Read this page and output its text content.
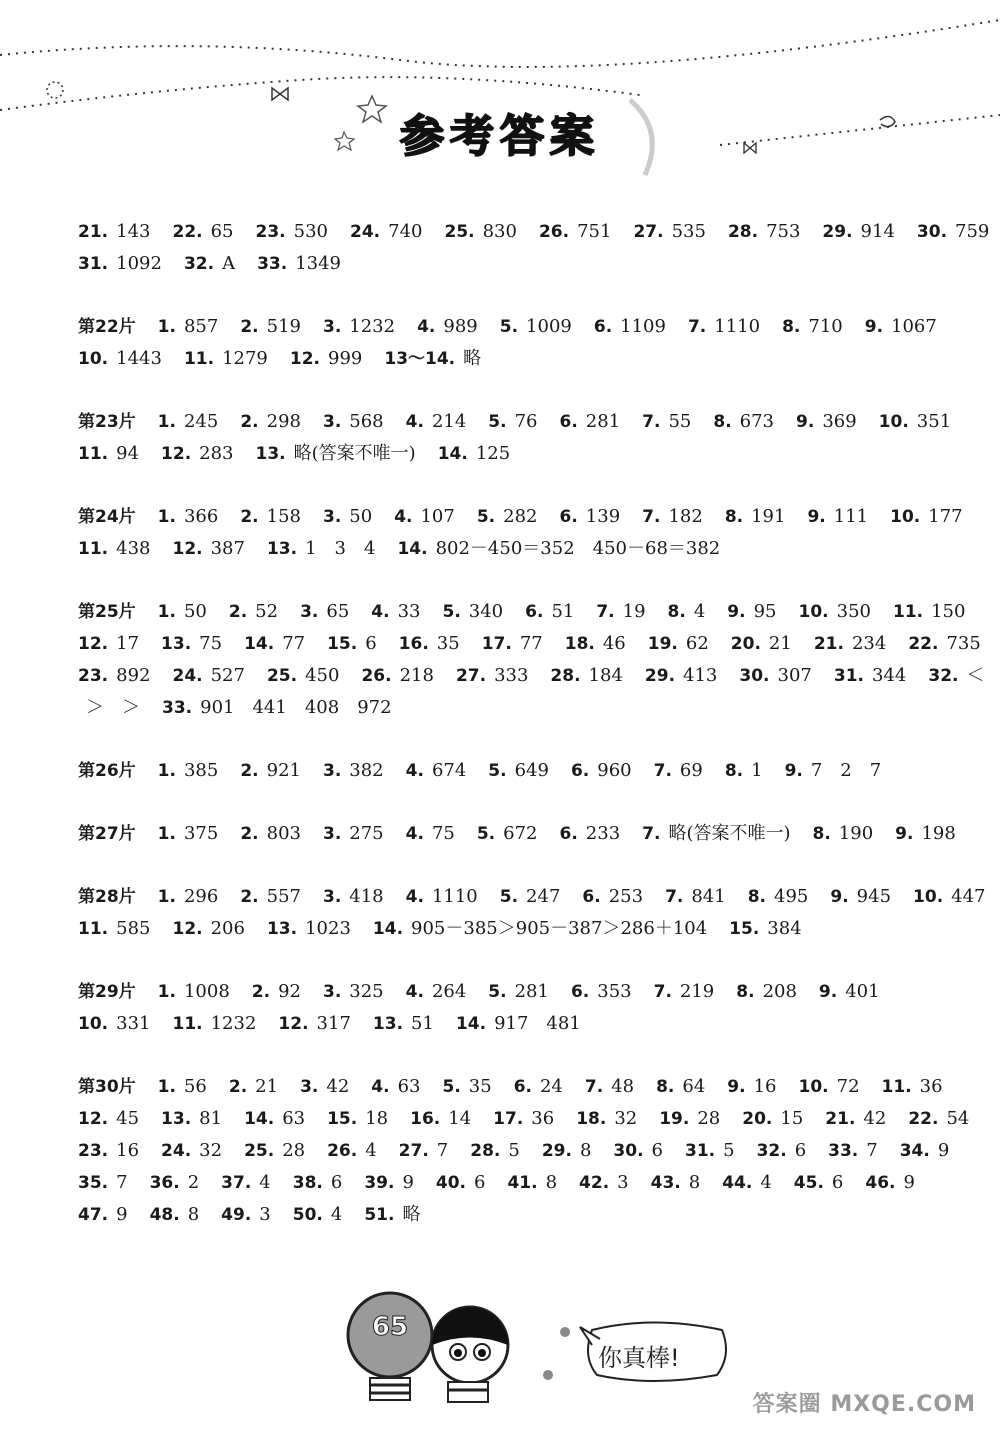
参考答案
21. 143 22. 65 23. 530 24. 740 25. 830 26. 751 27. 535 28. 753 29. 914 30. 759
31. 1092 32. A 33. 1349
第22片 1. 857 2. 519 3. 1232 4. 989 5. 1009 6. 1109 7. 1110 8. 710 9. 1067
10. 1443 11. 1279 12. 999 13～14. 略
第23片 1. 245 2. 298 3. 568 4. 214 5. 76 6. 281 7. 55 8. 673 9. 369 10. 351
11. 94 12. 283 13. 略(答案不唯一) 14. 125
第24片 1. 366 2. 158 3. 50 4. 107 5. 282 6. 139 7. 182 8. 191 9. 111 10. 177
11. 438 12. 387 13. 1　3　4 14. 802－450＝352　450－68＝382
第25片 1. 50 2. 52 3. 65 4. 33 5. 340 6. 51 7. 19 8. 4 9. 95 10. 350 11. 150
12. 17 13. 75 14. 77 15. 6 16. 35 17. 77 18. 46 19. 62 20. 21 21. 234 22. 735
23. 892 24. 527 25. 450 26. 218 27. 333 28. 184 29. 413 30. 307 31. 344 32. ＜
＞　＞ 33. 901　441　408　972
第26片 1. 385 2. 921 3. 382 4. 674 5. 649 6. 960 7. 69 8. 1 9. 7　2　7
第27片 1. 375 2. 803 3. 275 4. 75 5. 672 6. 233 7. 略(答案不唯一) 8. 190 9. 198
第28片 1. 296 2. 557 3. 418 4. 1110 5. 247 6. 253 7. 841 8. 495 9. 945 10. 447
11. 585 12. 206 13. 1023 14. 905－385＞905－387＞286＋104 15. 384
第29片 1. 1008 2. 92 3. 325 4. 264 5. 281 6. 353 7. 219 8. 208 9. 401
10. 331 11. 1232 12. 317 13. 51 14. 917　481
第30片 1. 56 2. 21 3. 42 4. 63 5. 35 6. 24 7. 48 8. 64 9. 16 10. 72 11. 36
12. 45 13. 81 14. 63 15. 18 16. 14 17. 36 18. 32 19. 28 20. 15 21. 42 22. 54
23. 16 24. 32 25. 28 26. 4 27. 7 28. 5 29. 8 30. 6 31. 5 32. 6 33. 7 34. 9
35. 7 36. 2 37. 4 38. 6 39. 9 40. 6 41. 8 42. 3 43. 8 44. 4 45. 6 46. 9
47. 9 48. 8 49. 3 50. 4 51. 略
65
你真棒!
答案圈 MXQE.COM
